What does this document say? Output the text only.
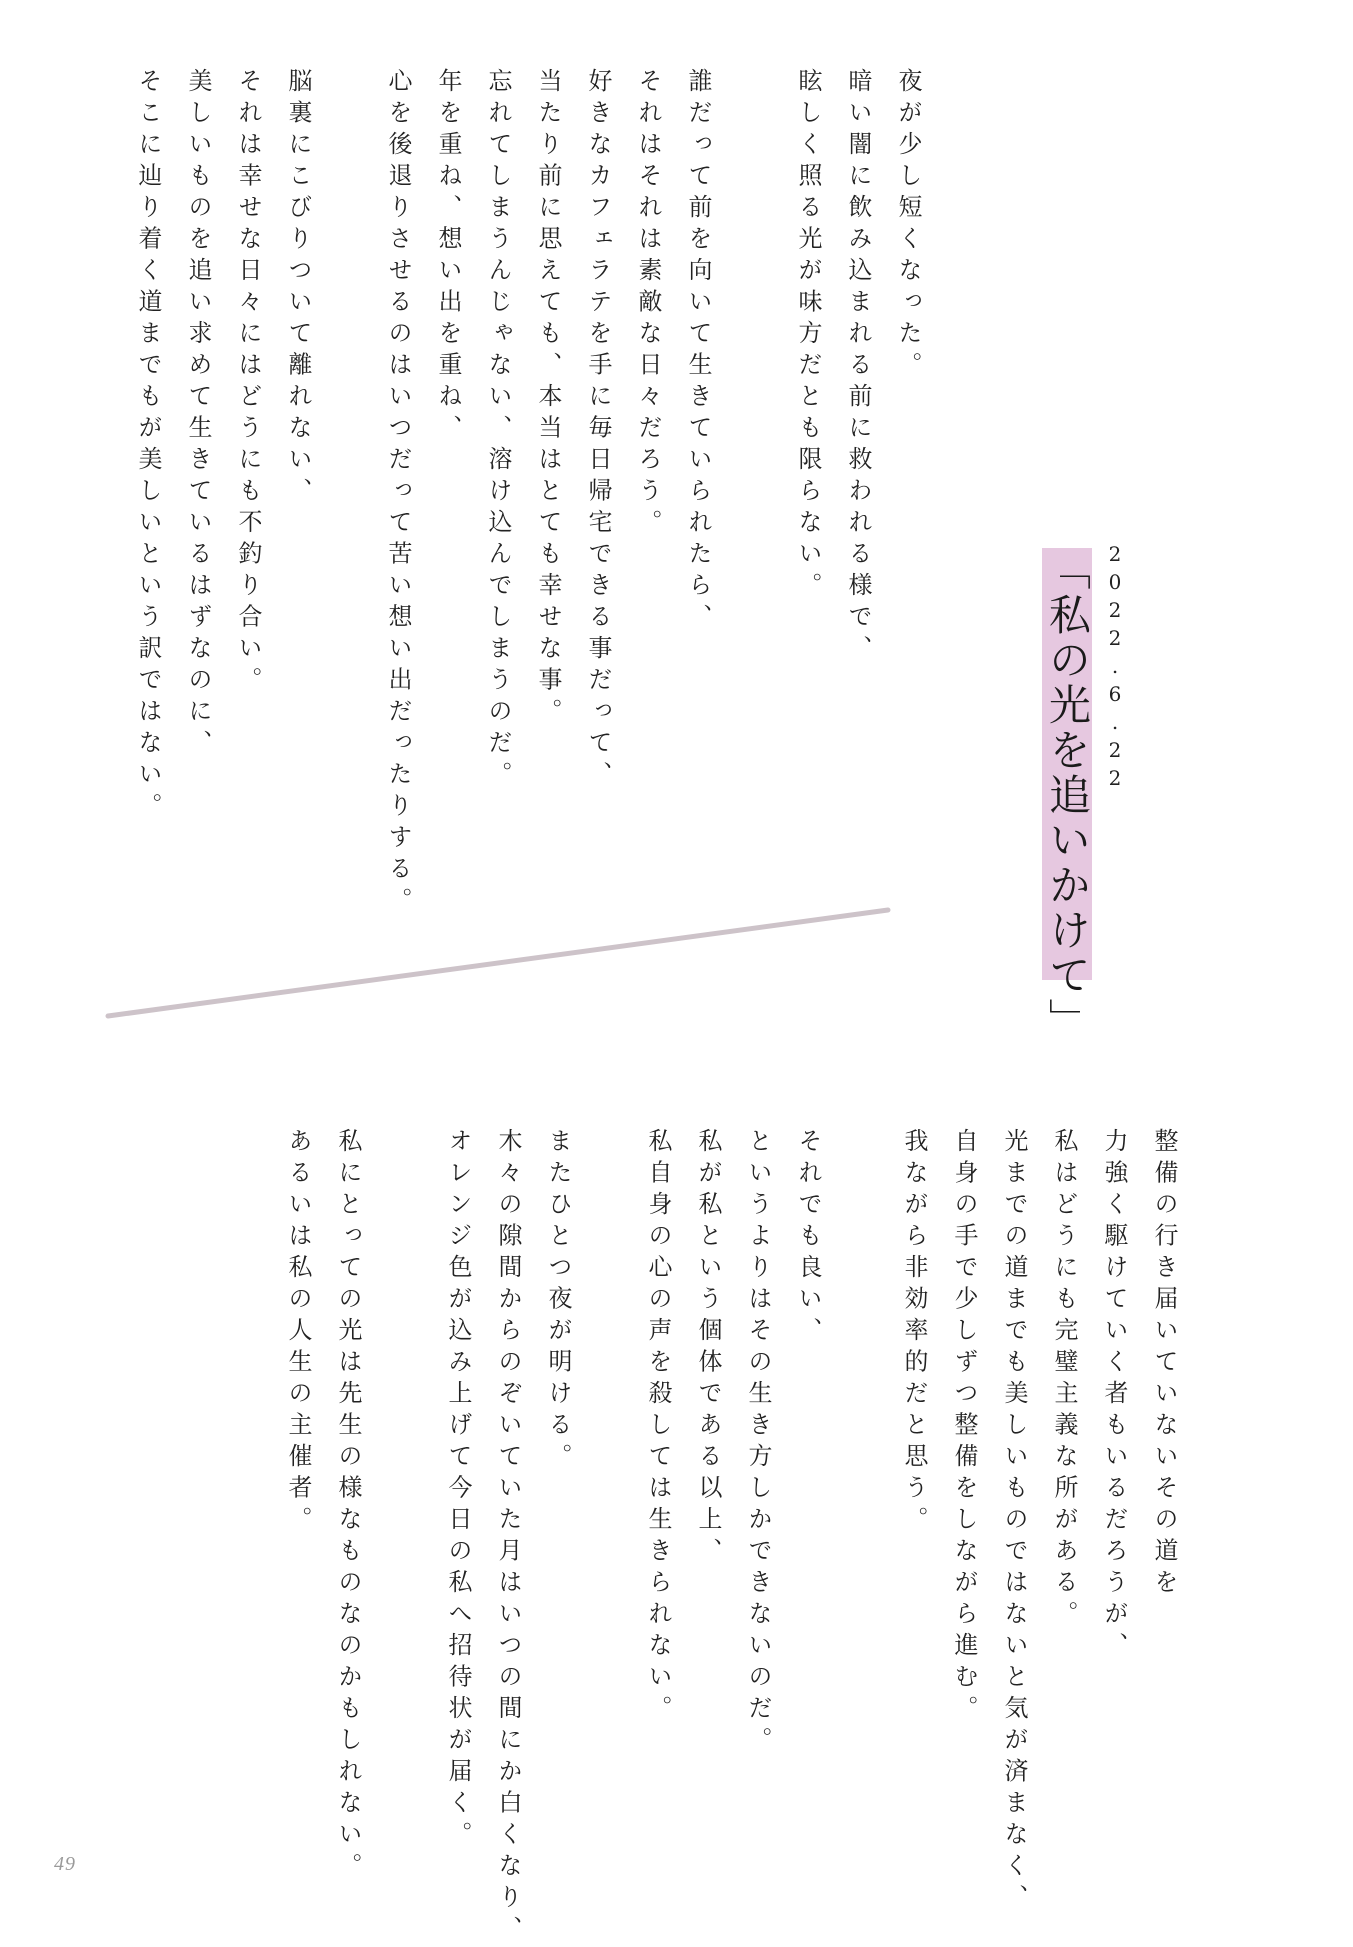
夜が少し短くなった。

暗い闇に飲み込まれる前に救われる様で、

眩しく照る光が味方だとも限らない。

誰だって前を向いて生きていられたら、

それはそれは素敵な日々だろう。

好きなカフェラテを手に毎日帰宅できる事だって、

当たり前に思えても、本当はとても幸せな事。

忘れてしまうんじゃない、溶け込んでしまうのだ。

年を重ね、想い出を重ね、

心を後退りさせるのはいつだって苦い想い出だったりする。

脳裏にこびりついて離れない、

それは幸せな日々にはどうにも不釣り合い。

美しいものを追い求めて生きているはずなのに、

そこに辿り着く道までもが美しいという訳ではない。	「私の光を追いかけて」 2022.6.22

整備の行き届いていないその道を

力強く駆けていく者もいるだろうが、

私はどうにも完璧主義な所がある。

光までの道までも美しいものではないと気が済まなく、

自身の手で少しずつ整備をしながら進む。

我ながら非効率的だと思う。

それでも良い、

というよりはその生き方しかできないのだ。

私が私という個体である以上、

私自身の心の声を殺しては生きられない。

またひとつ夜が明ける。

木々の隙間からのぞいていた月はいつの間にか白くなり、

オレンジ色が込み上げて今日の私へ招待状が届く。

私にとっての光は先生の様なものなのかもしれない。

あるいは私の人生の主催者。

49
